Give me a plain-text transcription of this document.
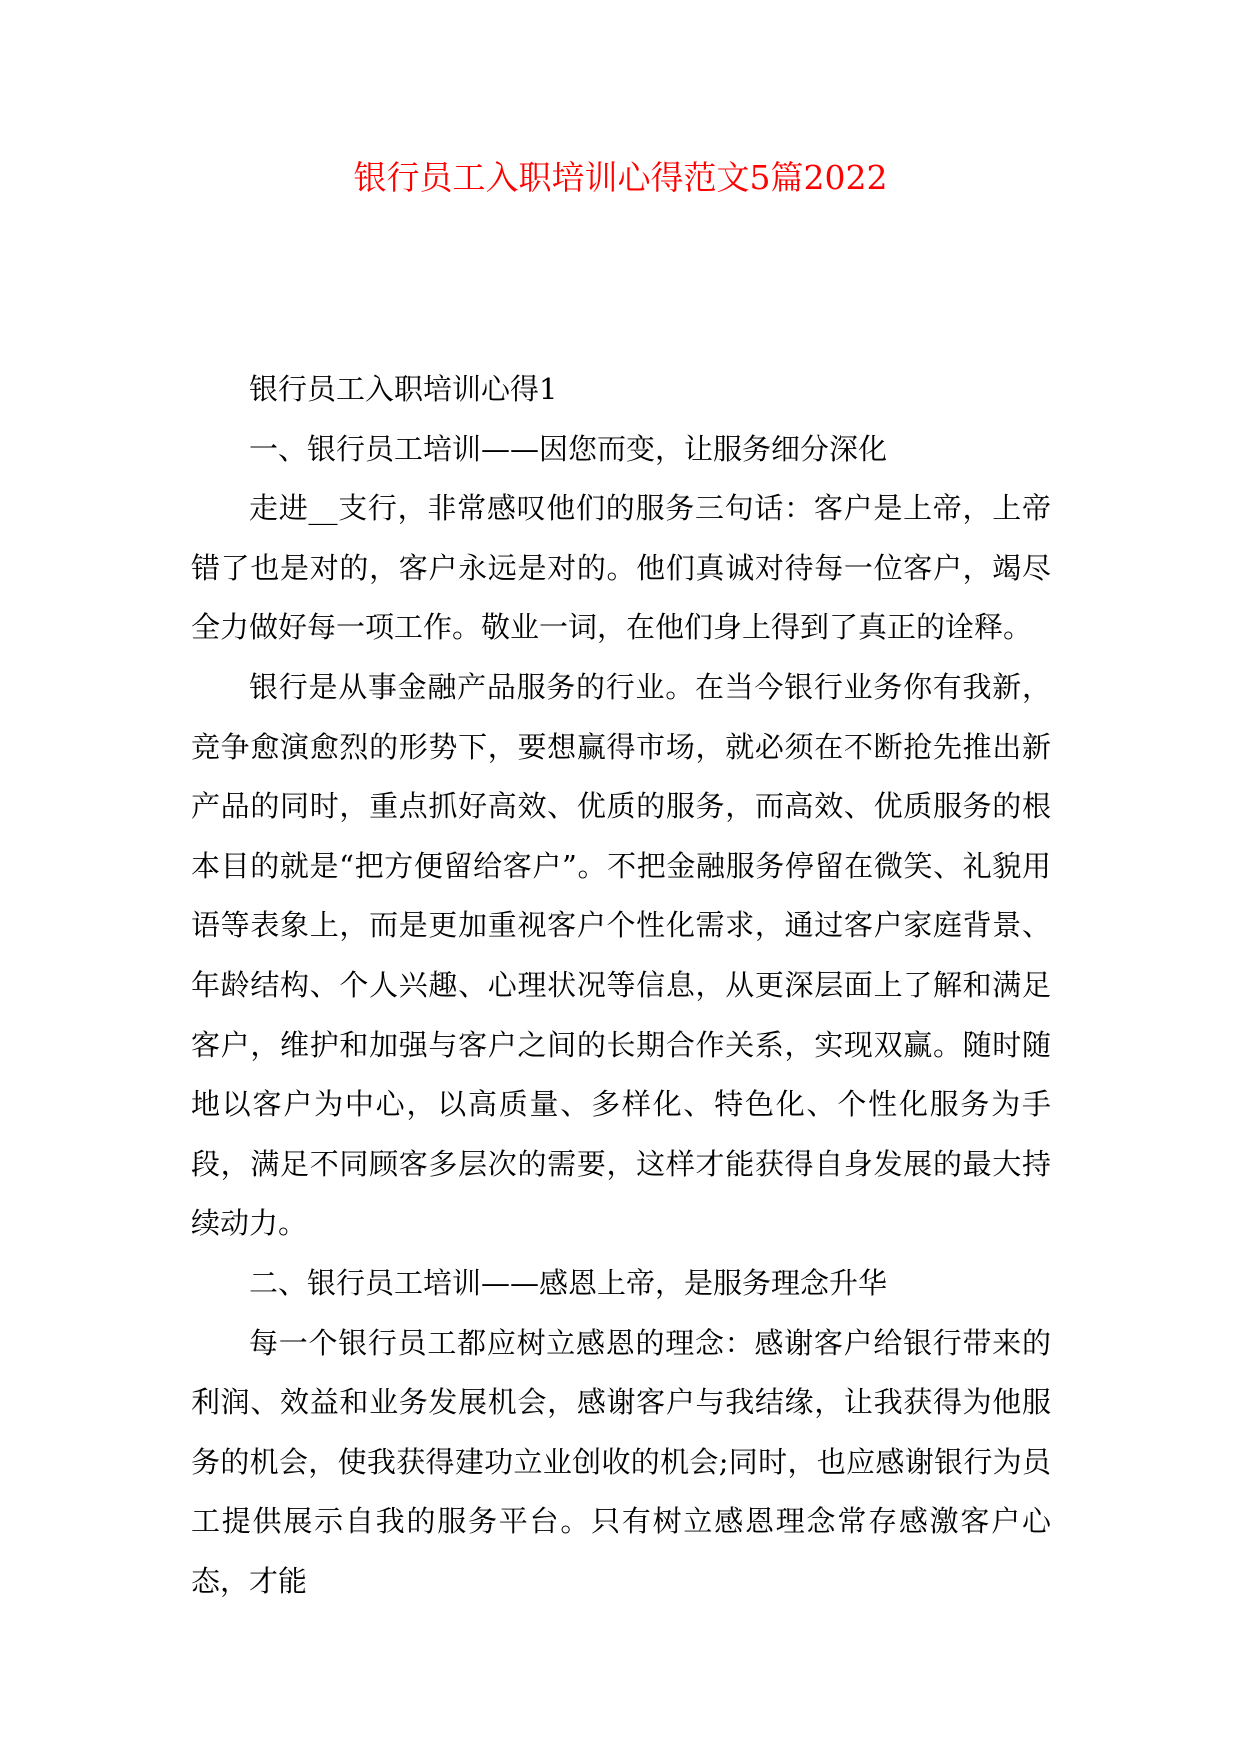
银行员工入职培训心得范文5篇2022

银行员工入职培训心得1

一、银行员工培训——因您而变，让服务细分深化

走进__支行，非常感叹他们的服务三句话：客户是上帝，上帝错了也是对的，客户永远是对的。他们真诚对待每一位客户，竭尽全力做好每一项工作。敬业一词，在他们身上得到了真正的诠释。

银行是从事金融产品服务的行业。在当今银行业务你有我新，竞争愈演愈烈的形势下，要想赢得市场，就必须在不断抢先推出新产品的同时，重点抓好高效、优质的服务，而高效、优质服务的根本目的就是“把方便留给客户”。不把金融服务停留在微笑、礼貌用语等表象上，而是更加重视客户个性化需求，通过客户家庭背景、年龄结构、个人兴趣、心理状况等信息，从更深层面上了解和满足客户，维护和加强与客户之间的长期合作关系，实现双赢。随时随地以客户为中心，以高质量、多样化、特色化、个性化服务为手段，满足不同顾客多层次的需要，这样才能获得自身发展的最大持续动力。

二、银行员工培训——感恩上帝，是服务理念升华

每一个银行员工都应树立感恩的理念：感谢客户给银行带来的利润、效益和业务发展机会，感谢客户与我结缘，让我获得为他服务的机会，使我获得建功立业创收的机会;同时，也应感谢银行为员工提供展示自我的服务平台。只有树立感恩理念常存感激客户心态，才能
